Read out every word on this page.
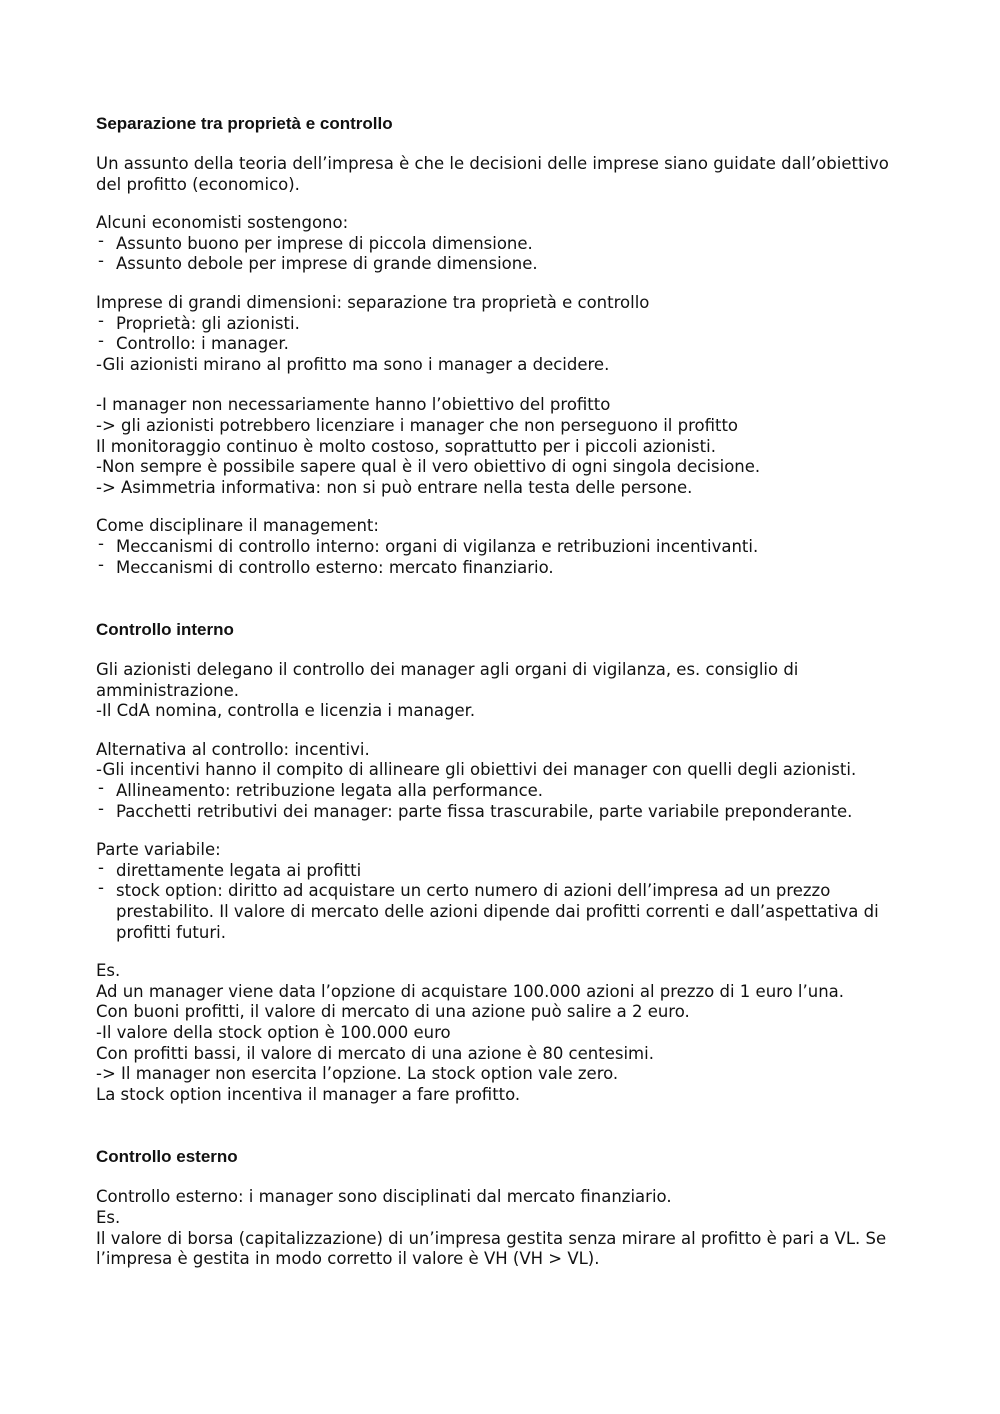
Separazione tra proprietà e controllo
Un assunto della teoria dell’impresa è che le decisioni delle imprese siano guidate dall’obiettivo del profitto (economico).
Alcuni economisti sostengono:
- Assunto buono per imprese di piccola dimensione.
- Assunto debole per imprese di grande dimensione.
Imprese di grandi dimensioni: separazione tra proprietà e controllo
- Proprietà: gli azionisti.
- Controllo: i manager.
-Gli azionisti mirano al profitto ma sono i manager a decidere.
-I manager non necessariamente hanno l’obiettivo del profitto
-> gli azionisti potrebbero licenziare i manager che non perseguono il profitto
Il monitoraggio continuo è molto costoso, soprattutto per i piccoli azionisti.
-Non sempre è possibile sapere qual è il vero obiettivo di ogni singola decisione.
-> Asimmetria informativa: non si può entrare nella testa delle persone.
Come disciplinare il management:
- Meccanismi di controllo interno: organi di vigilanza e retribuzioni incentivanti.
- Meccanismi di controllo esterno: mercato finanziario.
Controllo interno
Gli azionisti delegano il controllo dei manager agli organi di vigilanza, es. consiglio di amministrazione.
-Il CdA nomina, controlla e licenzia i manager.
Alternativa al controllo: incentivi.
-Gli incentivi hanno il compito di allineare gli obiettivi dei manager con quelli degli azionisti.
- Allineamento: retribuzione legata alla performance.
- Pacchetti retributivi dei manager: parte fissa trascurabile, parte variabile preponderante.
Parte variabile:
- direttamente legata ai profitti
- stock option: diritto ad acquistare un certo numero di azioni dell’impresa ad un prezzo prestabilito. Il valore di mercato delle azioni dipende dai profitti correnti e dall’aspettativa di profitti futuri.
Es.
Ad un manager viene data l’opzione di acquistare 100.000 azioni al prezzo di 1 euro l’una.
Con buoni profitti, il valore di mercato di una azione può salire a 2 euro.
-Il valore della stock option è 100.000 euro
Con profitti bassi, il valore di mercato di una azione è 80 centesimi.
-> Il manager non esercita l’opzione. La stock option vale zero.
La stock option incentiva il manager a fare profitto.
Controllo esterno
Controllo esterno: i manager sono disciplinati dal mercato finanziario.
Es.
Il valore di borsa (capitalizzazione) di un’impresa gestita senza mirare al profitto è pari a VL. Se l’impresa è gestita in modo corretto il valore è VH (VH > VL).
